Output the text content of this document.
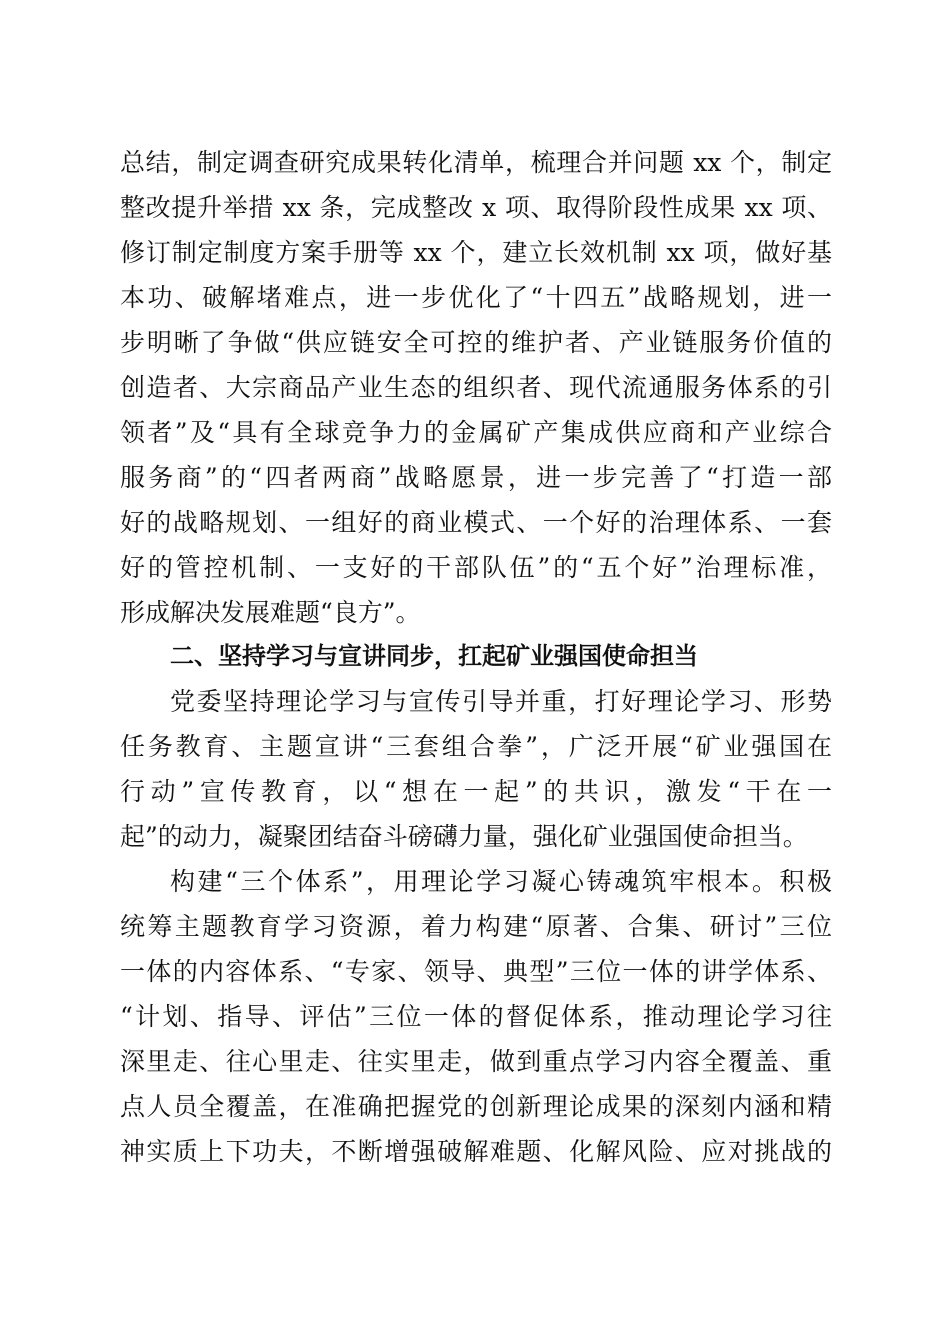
总结，制定调查研究成果转化清单，梳理合并问题 xx 个，制定
整改提升举措 xx 条，完成整改 x 项、取得阶段性成果 xx 项、
修订制定制度方案手册等 xx 个，建立长效机制 xx 项，做好基
本功、破解堵难点，进一步优化了“十四五”战略规划，进一
步明晰了争做“供应链安全可控的维护者、产业链服务价值的
创造者、大宗商品产业生态的组织者、现代流通服务体系的引
领者”及“具有全球竞争力的金属矿产集成供应商和产业综合
服务商”的“四者两商”战略愿景，进一步完善了“打造一部
好的战略规划、一组好的商业模式、一个好的治理体系、一套
好的管控机制、一支好的干部队伍”的“五个好”治理标准，
形成解决发展难题“良方”。
二、坚持学习与宣讲同步，扛起矿业强国使命担当
党委坚持理论学习与宣传引导并重，打好理论学习、形势
任务教育、主题宣讲“三套组合拳”，广泛开展“矿业强国在
行动”宣传教育，以“想在一起”的共识，激发“干在一
起”的动力，凝聚团结奋斗磅礴力量，强化矿业强国使命担当。
构建“三个体系”，用理论学习凝心铸魂筑牢根本。积极
统筹主题教育学习资源，着力构建“原著、合集、研讨”三位
一体的内容体系、“专家、领导、典型”三位一体的讲学体系、
“计划、指导、评估”三位一体的督促体系，推动理论学习往
深里走、往心里走、往实里走，做到重点学习内容全覆盖、重
点人员全覆盖，在准确把握党的创新理论成果的深刻内涵和精
神实质上下功夫，不断增强破解难题、化解风险、应对挑战的
